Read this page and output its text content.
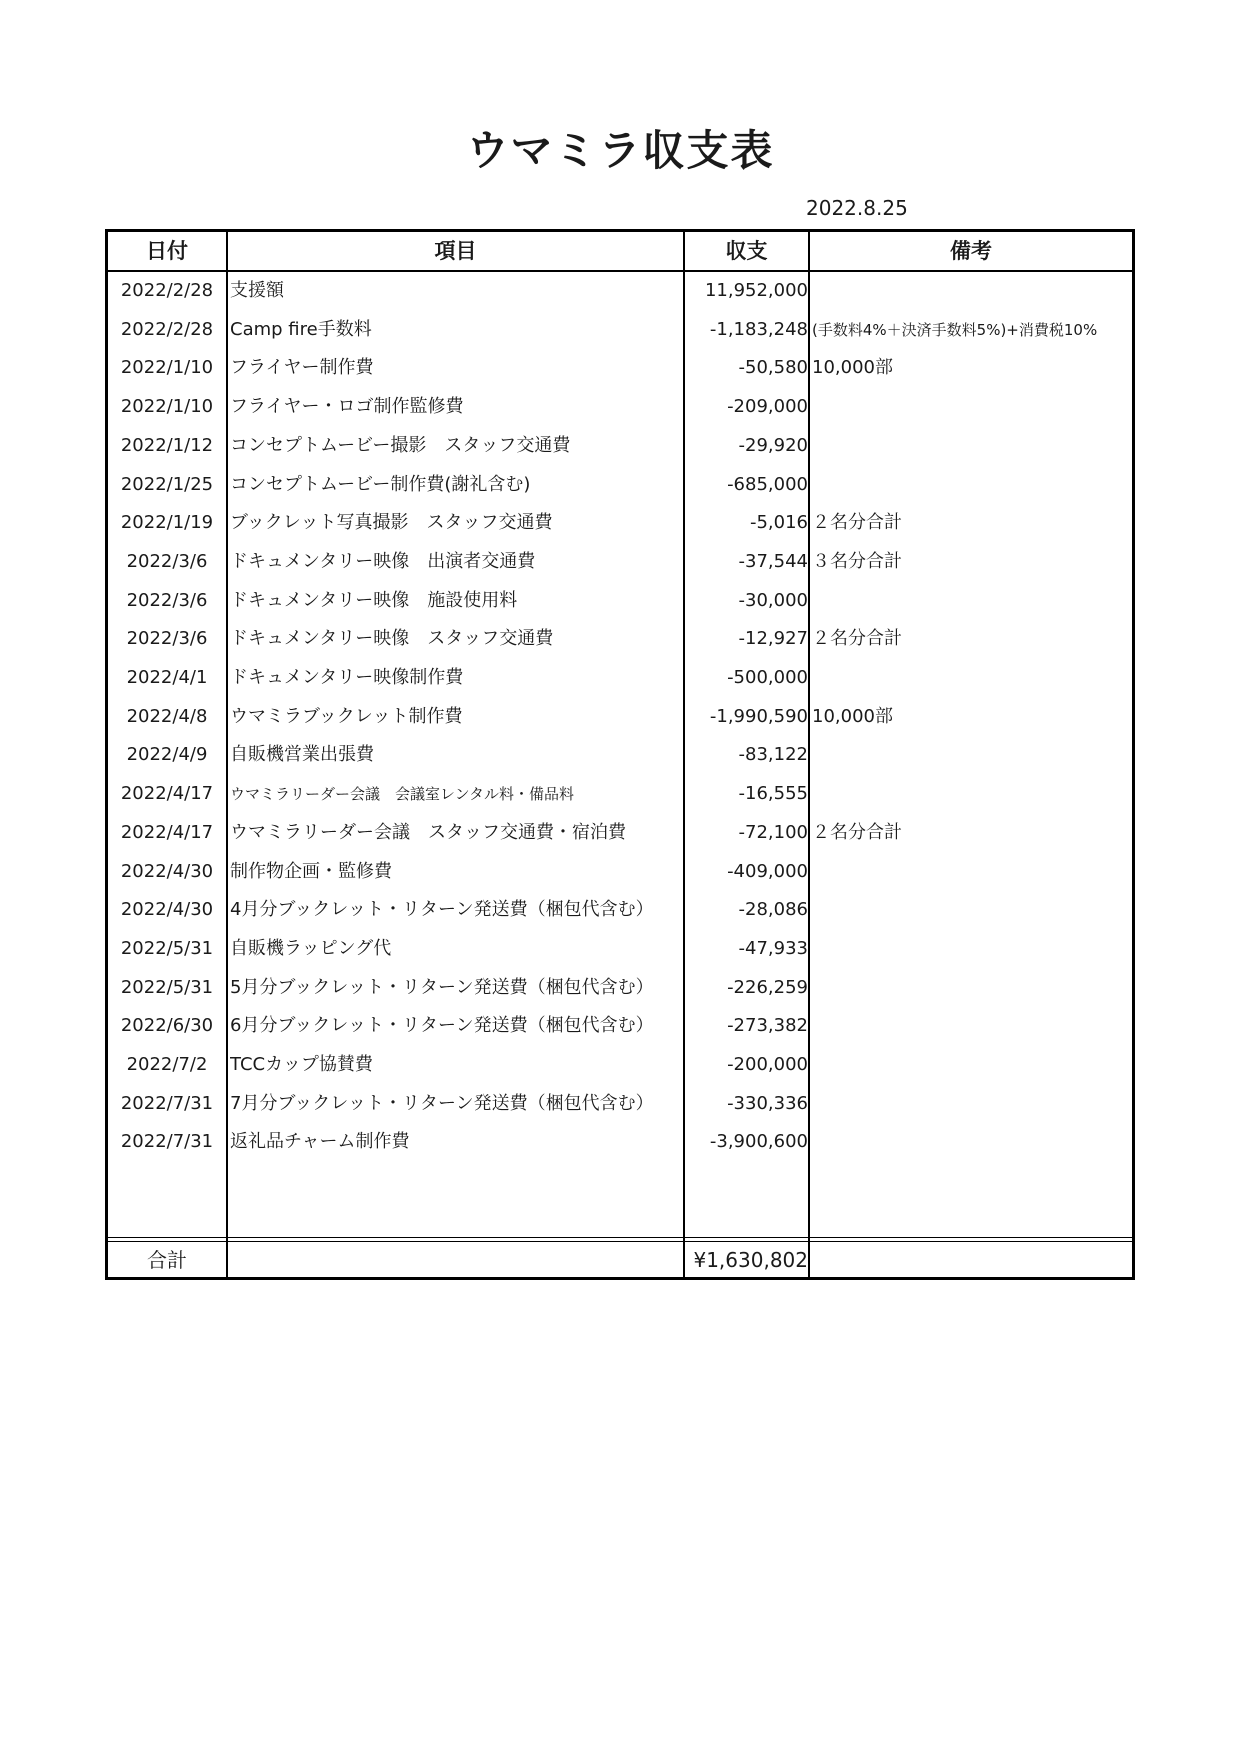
ウマミラ収支表
2022.8.25
日付	項目	収支	備考
2022/2/28 支援額	11,952,000
2022/2/28 Camp fire手数料	-1,183,248 (手数料4%＋決済手数料5%)+消費税10%
2022/1/10 フライヤー制作費	-50,580 10,000部
2022/1/10 フライヤー・ロゴ制作監修費	-209,000
2022/1/12 コンセプトムービー撮影　スタッフ交通費	-29,920
2022/1/25 コンセプトムービー制作費(謝礼含む)	-685,000
2022/1/19 ブックレット写真撮影　スタッフ交通費	-5,016 ２名分合計
2022/3/6	ドキュメンタリー映像　出演者交通費	-37,544 ３名分合計
2022/3/6	ドキュメンタリー映像　施設使用料	-30,000
2022/3/6	ドキュメンタリー映像　スタッフ交通費	-12,927 ２名分合計
2022/4/1	ドキュメンタリー映像制作費	-500,000
2022/4/8	ウマミラブックレット制作費	-1,990,590 10,000部
2022/4/9	自販機営業出張費	-83,122
2022/4/17	ウマミラリーダー会議　会議室レンタル料・備品料	-16,555
2022/4/17 ウマミラリーダー会議　スタッフ交通費・宿泊費	-72,100 ２名分合計
2022/4/30 制作物企画・監修費	-409,000
2022/4/30 4月分ブックレット・リターン発送費（梱包代含む）	-28,086
2022/5/31 自販機ラッピング代	-47,933
2022/5/31 5月分ブックレット・リターン発送費（梱包代含む）	-226,259
2022/6/30 6月分ブックレット・リターン発送費（梱包代含む）	-273,382
2022/7/2	TCCカップ協賛費	-200,000
2022/7/31 7月分ブックレット・リターン発送費（梱包代含む）	-330,336
2022/7/31 返礼品チャーム制作費	-3,900,600
合計	¥1,630,802
